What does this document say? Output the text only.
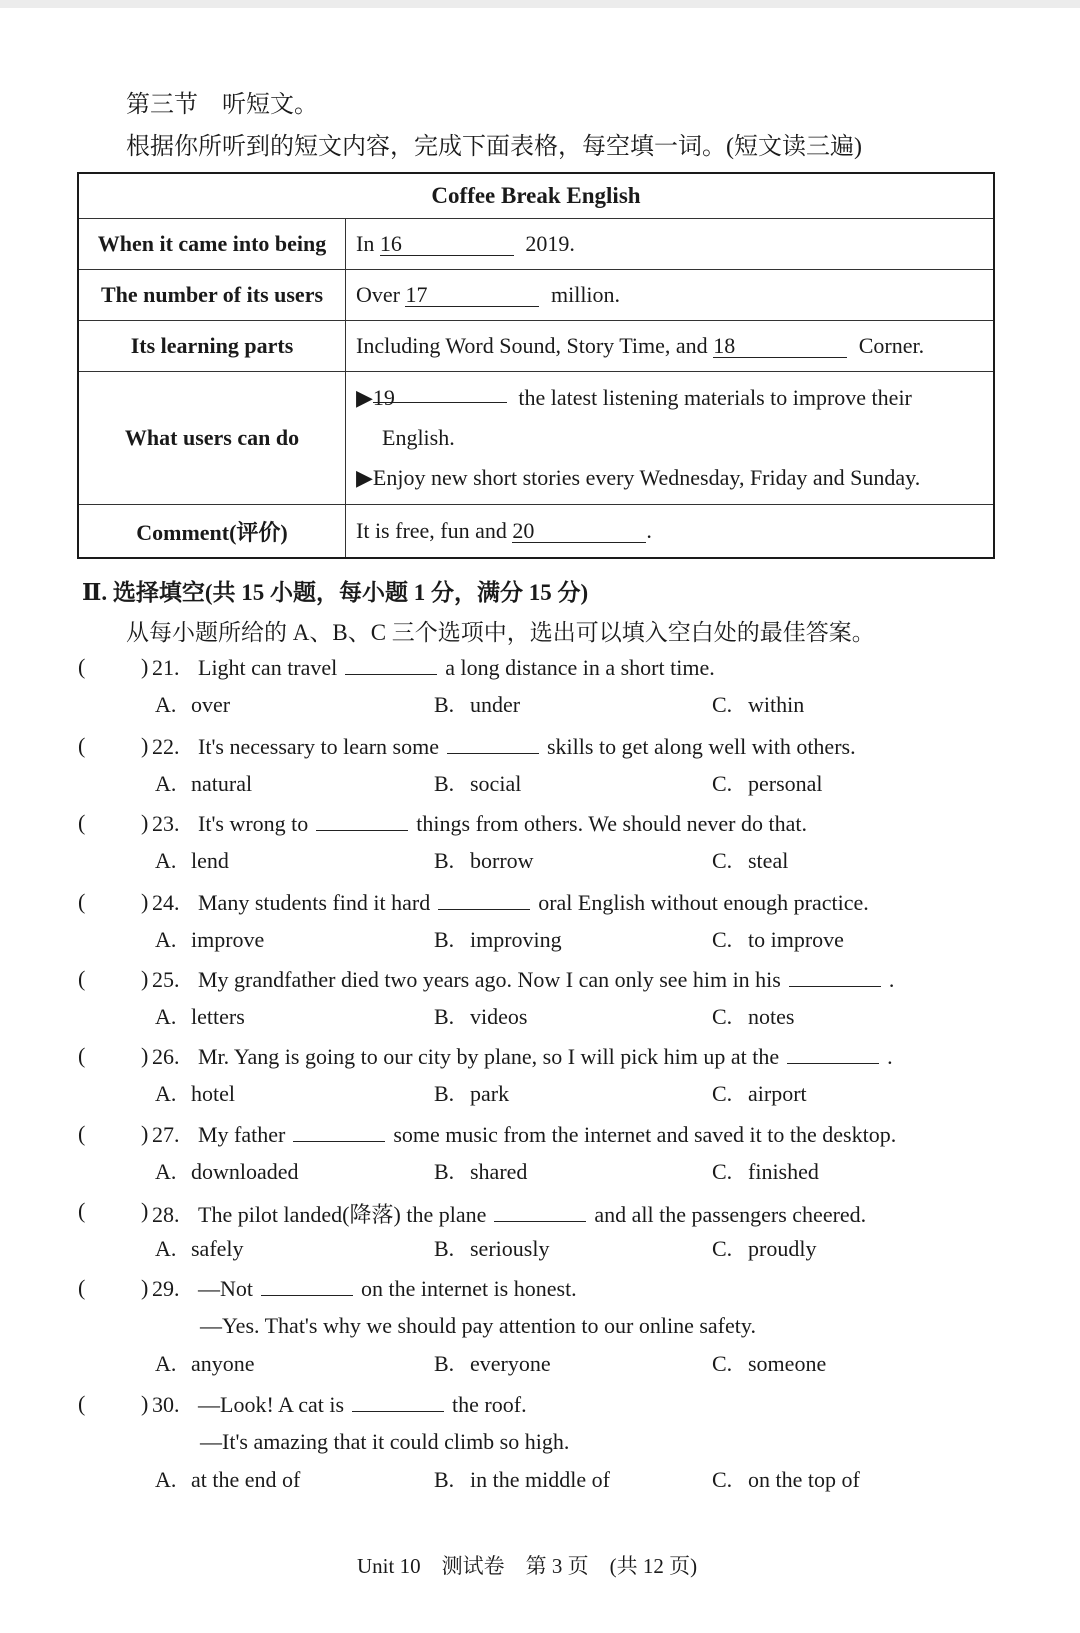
第三节　听短文。
根据你所听到的短文内容，完成下面表格，每空填一词。(短文读三遍)
Coffee Break English	
When it came into being	In 16 2019.
The number of its users	Over 17 million.
Its learning parts	Including Word Sound, Story Time, and 18 Corner.
What users can do	▶19 the latest listening materials to improve their
English.
▶Enjoy new short stories every Wednesday, Friday and Sunday.

Comment(评价)	It is free, fun and 20 .
Ⅱ. 选择填空(共 15 小题，每小题 1 分，满分 15 分)
从每小题所给的 A、B、C 三个选项中，选出可以填入空白处的最佳答案。
(	) 21. Light can travel	a long distance in a short time.
A. over	B. under	C. within
(	) 22. It's necessary to learn some	skills to get along well with others.
A. natural	B. social	C. personal
(	) 23. It's wrong to	things from others. We should never do that.
A. lend	B. borrow	C. steal
(	) 24. Many students find it hard	oral English without enough practice.
A. improve	B. improving	C. to improve
(	) 25. My grandfather died two years ago. Now I can only see him in his	.
A. letters	B. videos	C. notes
(	) 26. Mr. Yang is going to our city by plane, so I will pick him up at the	.
A. hotel	B. park	C. airport
(	) 27. My father	some music from the internet and saved it to the desktop.
A. downloaded	B. shared	C. finished
(	) 28. The pilot landed(降落) the plane	and all the passengers cheered.
A. safely	B. seriously	C. proudly
(	) 29. —Not	on the internet is honest.
—Yes. That's why we should pay attention to our online safety.
A. anyone	B. everyone	C. someone
(	) 30. —Look! A cat is	the roof.
—It's amazing that it could climb so high.
A. at the end of	B. in the middle of	C. on the top of
Unit 10　测试卷　第 3 页　(共 12 页)
